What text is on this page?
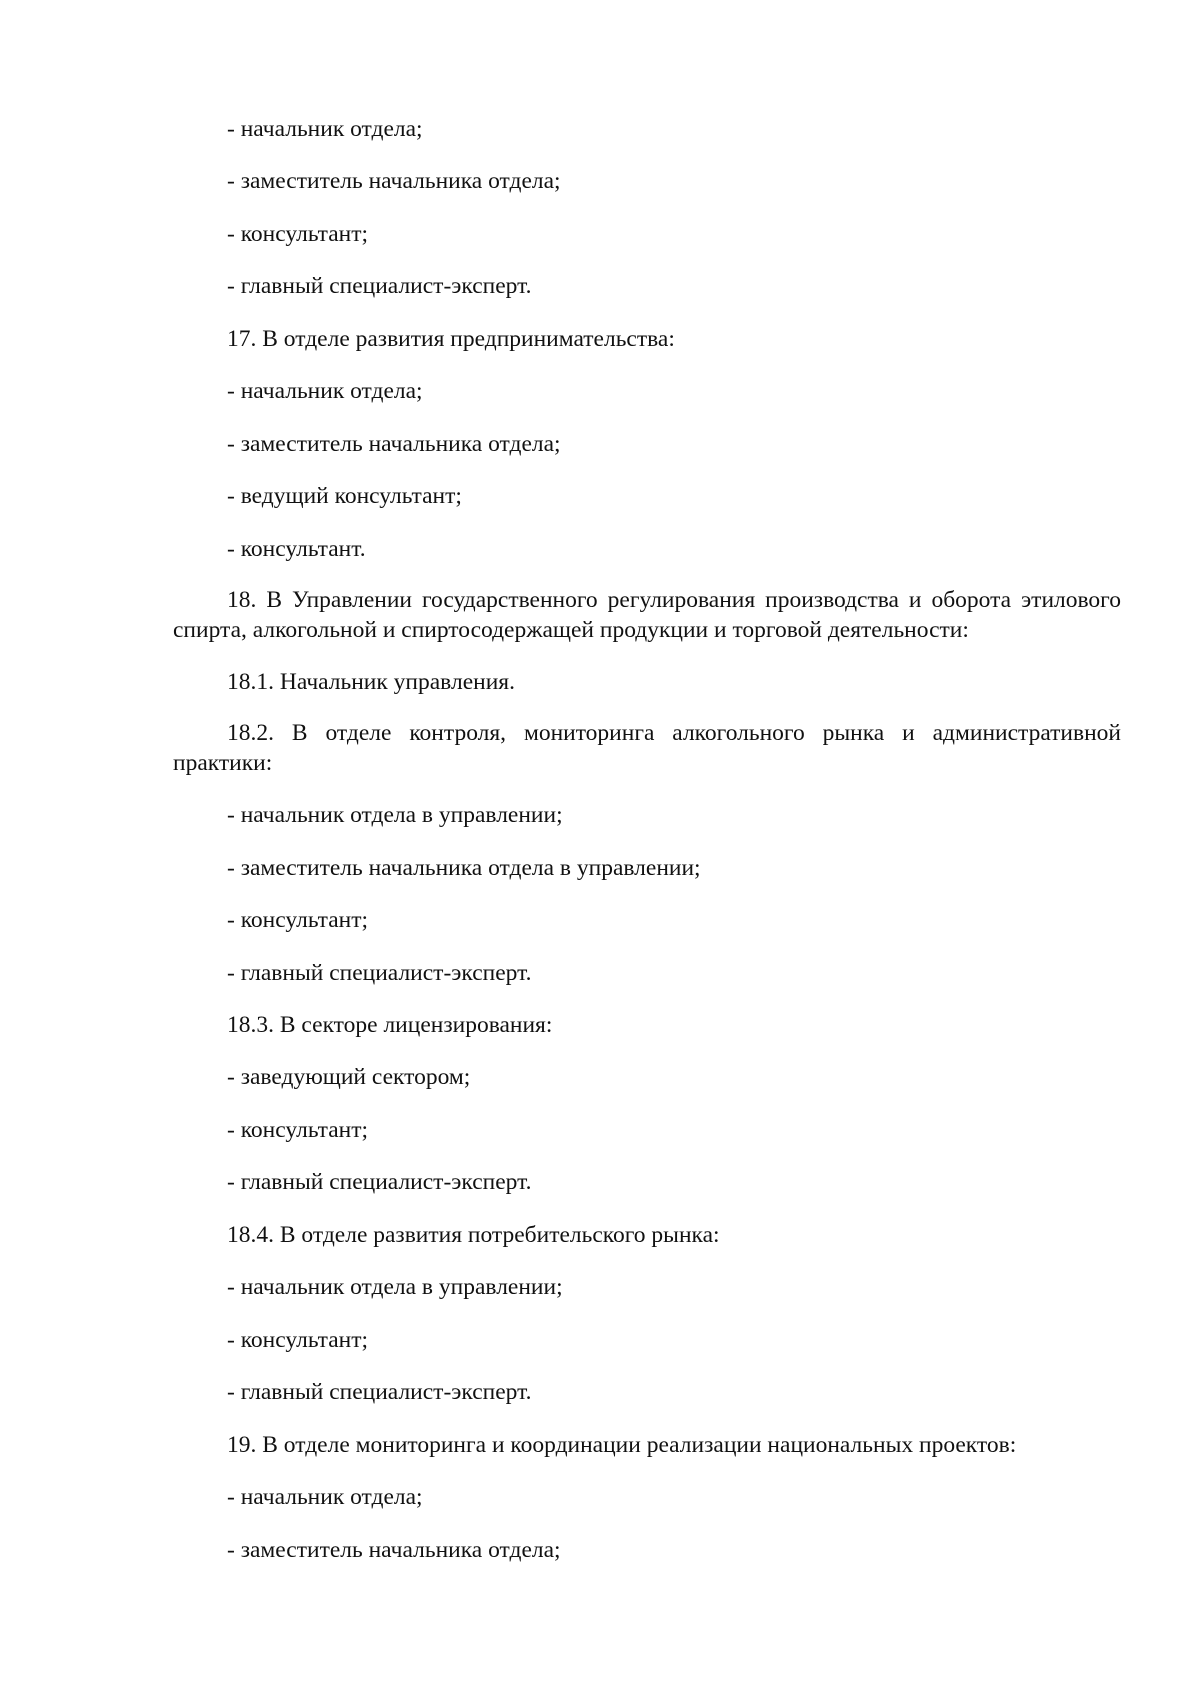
- начальник отдела;
- заместитель начальника отдела;
- консультант;
- главный специалист-эксперт.
17. В отделе развития предпринимательства:
- начальник отдела;
- заместитель начальника отдела;
- ведущий консультант;
- консультант.
18. В Управлении государственного регулирования производства и оборота этилового спирта, алкогольной и спиртосодержащей продукции и торговой деятельности:
18.1. Начальник управления.
18.2. В отделе контроля, мониторинга алкогольного рынка и административной практики:
- начальник отдела в управлении;
- заместитель начальника отдела в управлении;
- консультант;
- главный специалист-эксперт.
18.3. В секторе лицензирования:
- заведующий сектором;
- консультант;
- главный специалист-эксперт.
18.4. В отделе развития потребительского рынка:
- начальник отдела в управлении;
- консультант;
- главный специалист-эксперт.
19. В отделе мониторинга и координации реализации национальных проектов:
- начальник отдела;
- заместитель начальника отдела;
